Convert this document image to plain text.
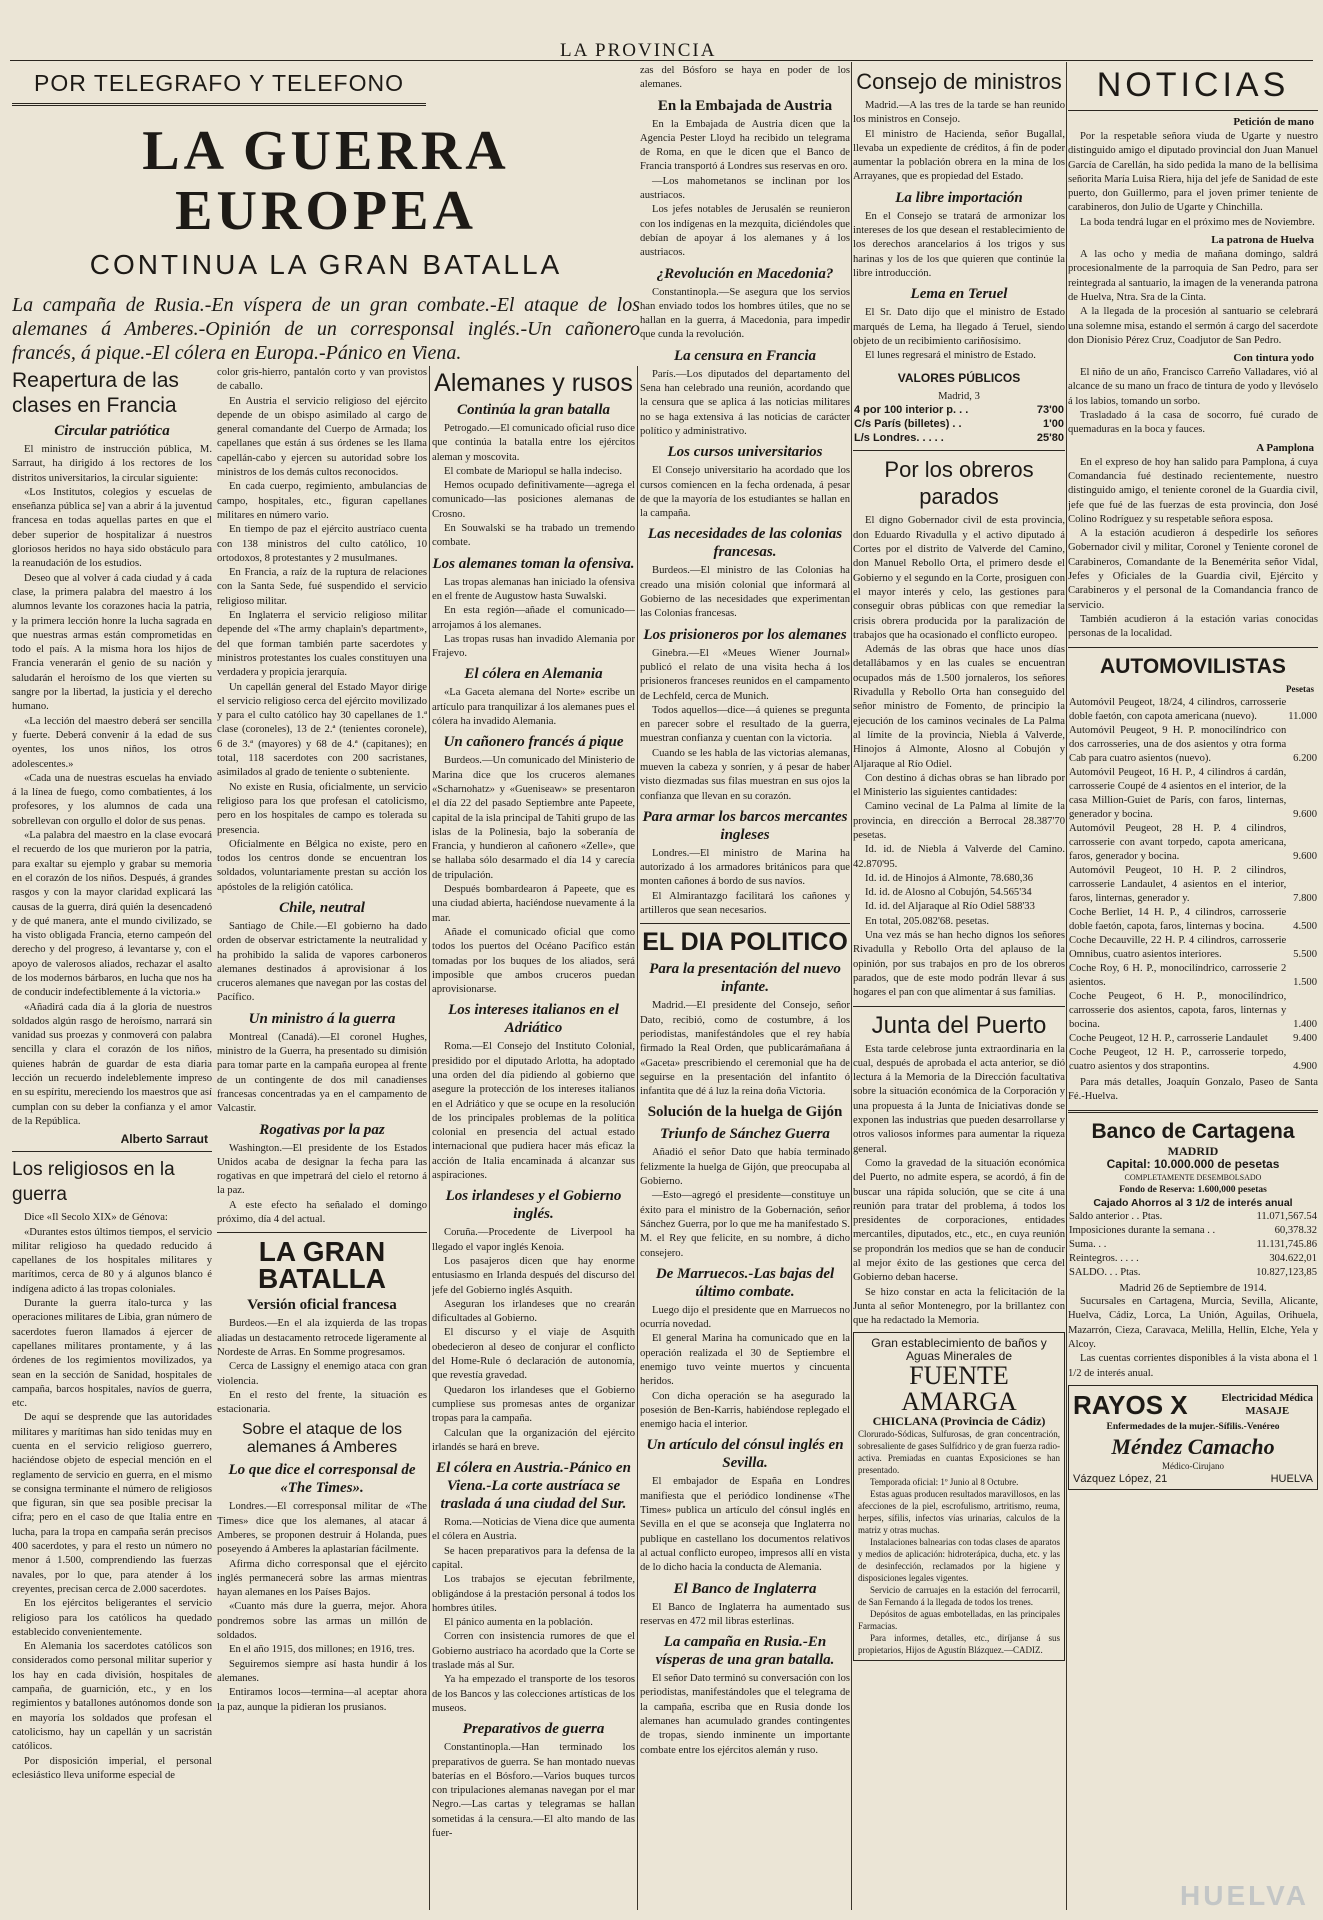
LA PROVINCIA
POR TELEGRAFO Y TELEFONO
LA GUERRA EUROPEA
CONTINUA LA GRAN BATALLA
La campaña de Rusia.-En víspera de un gran combate.-El ataque de los alemanes á Amberes.-Opinión de un corresponsal inglés.-Un cañonero francés, á pique.-El cólera en Europa.-Pánico en Viena.
Reapertura de las clases en Francia
Circular patriótica

El ministro de instrucción pública, M. Sarraut, ha dirigido á los rectores de los distritos universitarios, la circular siguiente:

«Los Institutos, colegios y escuelas de enseñanza pública se] van a abrir á la juventud francesa en todas aquellas partes en que el deber superior de hospitalizar á nuestros gloriosos heridos no haya sido obstáculo para la reanudación de los estudios.

Deseo que al volver á cada ciudad y á cada clase, la primera palabra del maestro á los alumnos levante los corazones hacia la patria, y la primera lección honre la lucha sagrada en que nuestras armas están comprometidas en todo el país. A la misma hora los hijos de Francia venerarán el genio de su nación y saludarán el heroísmo de los que vierten su sangre por la libertad, la justicia y el derecho humano.

«La lección del maestro deberá ser sencilla y fuerte. Deberá convenir á la edad de sus oyentes, los unos niños, los otros adolescentes.»

«Cada una de nuestras escuelas ha enviado á la línea de fuego, como combatientes, á los profesores, y los alumnos de cada una sobrellevan con orgullo el dolor de sus penas.

«La palabra del maestro en la clase evocará el recuerdo de los que murieron por la patria, para exaltar su ejemplo y grabar su memoria en el corazón de los niños. Después, á grandes rasgos y con la mayor claridad explicará las causas de la guerra, dirá quién la desencadenó y de qué manera, ante el mundo civilizado, se ha visto obligada Francia, eterno campeón del derecho y del progreso, á levantarse y, con el apoyo de valerosos aliados, rechazar el asalto de los modernos bárbaros, en lucha que nos ha de conducir indefectiblemente á la victoria.»

«Añadirá cada día á la gloria de nuestros soldados algún rasgo de heroísmo, narrará sin vanidad sus proezas y conmoverá con palabra sencilla y clara el corazón de los niños, quienes habrán de guardar de esta diaria lección un recuerdo indeleblemente impreso en su espíritu, mereciendo los maestros que así cumplan con su deber la confianza y el amor de la República.

Alberto Sarraut
Los religiosos en la guerra

Dice «Il Secolo XIX» de Génova:

«Durantes estos últimos tiempos, el servicio militar religioso ha quedado reducido á capellanes de los hospitales militares y marítimos, cerca de 80 y á algunos blanco é indígena adicto á las tropas coloniales.

Durante la guerra ítalo-turca y las operaciones militares de Libia, gran número de sacerdotes fueron llamados á ejercer de capellanes militares prontamente, y á las órdenes de los regimientos movilizados, ya sean en la sección de Sanidad, hospitales de campaña, barcos hospitales, navíos de guerra, etc.

De aquí se desprende que las autoridades militares y marítimas han sido tenidas muy en cuenta en el servicio religioso guerrero, haciéndose objeto de especial mención en el reglamento de servicio en guerra, en el mismo se consigna terminante el número de religiosos que figuran, sin que sea posible precisar la cifra; pero en el caso de que Italia entre en lucha, para la tropa en campaña serán precisos 400 sacerdotes, y para el resto un número no menor á 1.500, comprendiendo las fuerzas navales, por lo que, para atender á los creyentes, precisan cerca de 2.000 sacerdotes.

En los ejércitos beligerantes el servicio religioso para los católicos ha quedado establecido convenientemente.

En Alemania los sacerdotes católicos son considerados como personal militar superior y los hay en cada división, hospitales de campaña, de guarnición, etc., y en los regimientos y batallones autónomos donde son en mayoría los soldados que profesan el catolicismo, hay un capellán y un sacristán católicos.

Por disposición imperial, el personal eclesiástico lleva uniforme especial de

color gris-hierro, pantalón corto y van provistos de caballo.

En Austria el servicio religioso del ejército depende de un obispo asimilado al cargo de general comandante del Cuerpo de Armada; los capellanes que están á sus órdenes se les llama capellán-cabo y ejercen su autoridad sobre los ministros de los demás cultos reconocidos.

En cada cuerpo, regimiento, ambulancias de campo, hospitales, etc., figuran capellanes militares en número vario.

En tiempo de paz el ejército austríaco cuenta con 138 ministros del culto católico, 10 ortodoxos, 8 protestantes y 2 musulmanes.

En Francia, a raíz de la ruptura de relaciones con la Santa Sede, fué suspendido el servicio religioso militar.

En Inglaterra el servicio religioso militar depende del «The army chaplain's department», del que forman también parte sacerdotes y ministros protestantes los cuales constituyen una verdadera y propicia jerarquía.

Un capellán general del Estado Mayor dirige el servicio religioso cerca del ejército movilizado y para el culto católico hay 30 capellanes de 1.ª clase (coroneles), 13 de 2.ª (tenientes coronele), 6 de 3.ª (mayores) y 68 de 4.ª (capitanes); en total, 118 sacerdotes con 200 sacristanes, asimilados al grado de teniente o subteniente.

No existe en Rusia, oficialmente, un servicio religioso para los que profesan el catolicismo, pero en los hospitales de campo es tolerada su presencia.

Oficialmente en Bélgica no existe, pero en todos los centros donde se encuentran los soldados, voluntariamente prestan su acción los apóstoles de la religión católica.

Chile, neutral

Santiago de Chile.—El gobierno ha dado orden de observar estrictamente la neutralidad y ha prohibido la salida de vapores carboneros alemanes destinados á aprovisionar á los cruceros alemanes que navegan por las costas del Pacífico.

Un ministro á la guerra

Montreal (Canadá).—El coronel Hughes, ministro de la Guerra, ha presentado su dimisión para tomar parte en la campaña europea al frente de un contingente de dos mil canadienses francesas concentradas ya en el campamento de Valcastir.

Rogativas por la paz

Washington.—El presidente de los Estados Unidos acaba de designar la fecha para las rogativas en que impetrará del cielo el retorno á la paz.

A este efecto ha señalado el domingo próximo, día 4 del actual.

LA GRAN BATALLA
Versión oficial francesa

Burdeos.—En el ala izquierda de las tropas aliadas un destacamento retrocede ligeramente al Nordeste de Arras. En Somme progresamos.

Cerca de Lassigny el enemigo ataca con gran violencia.

En el resto del frente, la situación es estacionaria.

Sobre el ataque de los alemanes á Amberes
Lo que dice el corresponsal de «The Times».

Londres.—El corresponsal militar de «The Times» dice que los alemanes, al atacar á Amberes, se proponen destruir á Holanda, pues poseyendo á Amberes la aplastarían fácilmente.

Afirma dicho corresponsal que el ejército inglés permanecerá sobre las armas mientras hayan alemanes en los Países Bajos.

«Cuanto más dure la guerra, mejor. Ahora pondremos sobre las armas un millón de soldados.

En el año 1915, dos millones; en 1916, tres.

Seguiremos siempre así hasta hundir á los alemanes.

Entiramos locos—termina—al aceptar ahora la paz, aunque la pidieran los prusianos.

Alemanes y rusos
Continúa la gran batalla

Petrogado.—El comunicado oficial ruso dice que continúa la batalla entre los ejércitos aleman y moscovita.

El combate de Mariopul se halla indeciso.

Hemos ocupado definitivamente—agrega el comunicado—las posiciones alemanas de Crosno.

En Souwalski se ha trabado un tremendo combate.

Los alemanes toman la ofensiva.

Las tropas alemanas han iniciado la ofensiva en el frente de Augustow hasta Suwalski.

En esta región—añade el comunicado—arrojamos á los alemanes.

Las tropas rusas han invadido Alemania por Frajevo.

El cólera en Alemania

«La Gaceta alemana del Norte» escribe un artículo para tranquilizar á los alemanes pues el cólera ha invadido Alemania.

Un cañonero francés á pique

Burdeos.—Un comunicado del Ministerio de Marina dice que los cruceros alemanes «Scharnohatz» y «Gueniseaw» se presentaron el día 22 del pasado Septiembre ante Papeete, capital de la isla principal de Tahiti grupo de las islas de la Polinesia, bajo la soberanía de Francia, y hundieron al cañonero «Zelle», que se hallaba sólo desarmado el día 14 y carecía de tripulación.

Después bombardearon á Papeete, que es una ciudad abierta, haciéndose nuevamente á la mar.

Añade el comunicado oficial que como todos los puertos del Océano Pacífico están tomadas por los buques de los aliados, será imposible que ambos cruceros puedan aprovisionarse.

Los intereses italianos en el Adriático

Roma.—El Consejo del Instituto Colonial, presidido por el diputado Arlotta, ha adoptado una orden del día pidiendo al gobierno que asegure la protección de los intereses italianos en el Adriático y que se ocupe en la resolución de los principales problemas de la política colonial en presencia del actual estado internacional que pudiera hacer más eficaz la acción de Italia encaminada á alcanzar sus aspiraciones.

Los irlandeses y el Gobierno inglés.

Coruña.—Procedente de Liverpool ha llegado el vapor inglés Kenoia.

Los pasajeros dicen que hay enorme entusiasmo en Irlanda después del discurso del jefe del Gobierno inglés Asquith.

Aseguran los irlandeses que no crearán dificultades al Gobierno.

El discurso y el viaje de Asquith obedecieron al deseo de conjurar el conflicto del Home-Rule ó declaración de autonomía, que revestía gravedad.

Quedaron los irlandeses que el Gobierno cumpliese sus promesas antes de organizar tropas para la campaña.

Calculan que la organización del ejército irlandés se hará en breve.

El cólera en Austria.-Pánico en Viena.-La corte austríaca se traslada á una ciudad del Sur.

Roma.—Noticias de Viena dice que aumenta el cólera en Austria.

Se hacen preparativos para la defensa de la capital.

Los trabajos se ejecutan febrilmente, obligándose á la prestación personal á todos los hombres útiles.

El pánico aumenta en la población.

Corren con insistencia rumores de que el Gobierno austriaco ha acordado que la Corte se traslade más al Sur.

Ya ha empezado el transporte de los tesoros de los Bancos y las colecciones artísticas de los museos.

Preparativos de guerra

Constantinopla.—Han terminado los preparativos de guerra. Se han montado nuevas baterías en el Bósforo.—Varios buques turcos con tripulaciones alemanas navegan por el mar Negro.—Las cartas y telegramas se hallan sometidas á la censura.—El alto mando de las fuer-

zas del Bósforo se haya en poder de los alemanes.

En la Embajada de Austria

En la Embajada de Austria dicen que la Agencia Pester Lloyd ha recibido un telegrama de Roma, en que le dicen que el Banco de Francia transportó á Londres sus reservas en oro.

—Los mahometanos se inclinan por los austriacos.

Los jefes notables de Jerusalén se reunieron con los indígenas en la mezquita, diciéndoles que debían de apoyar á los alemanes y á los austriacos.

¿Revolución en Macedonia?

Constantinopla.—Se asegura que los servios han enviado todos los hombres útiles, que no se hallan en la guerra, á Macedonia, para impedir que cunda la revolución.

La censura en Francia

París.—Los diputados del departamento del Sena han celebrado una reunión, acordando que la censura que se aplica á las noticias militares no se haga extensiva á las noticias de carácter político y administrativo.

Los cursos universitarios

El Consejo universitario ha acordado que los cursos comiencen en la fecha ordenada, á pesar de que la mayoría de los estudiantes se hallan en la campaña.

Las necesidades de las colonias francesas.

Burdeos.—El ministro de las Colonias ha creado una misión colonial que informará al Gobierno de las necesidades que experimentan las Colonias francesas.

Los prisioneros por los alemanes

Ginebra.—El «Meues Wiener Journal» publicó el relato de una visita hecha á los prisioneros franceses reunidos en el campamento de Lechfeld, cerca de Munich.

Todos aquellos—dice—á quienes se pregunta en parecer sobre el resultado de la guerra, muestran confianza y cuentan con la victoria.

Cuando se les habla de las victorias alemanas, mueven la cabeza y sonríen, y á pesar de haber visto diezmadas sus filas muestran en sus ojos la confianza que llevan en su corazón.

Para armar los barcos mercantes ingleses

Londres.—El ministro de Marina ha autorizado á los armadores británicos para que monten cañones á bordo de sus navíos.

El Almirantazgo facilitará los cañones y artilleros que sean necesarios.

EL DIA POLITICO
Para la presentación del nuevo infante.

Madrid.—El presidente del Consejo, señor Dato, recibió, como de costumbre, á los periodistas, manifestándoles que el rey había firmado la Real Orden, que publicarámañana á «Gaceta» prescribiendo el ceremonial que ha de seguirse en la presentación del infantito ó infantita que dé á luz la reina doña Victoria.

Solución de la huelga de Gijón
Triunfo de Sánchez Guerra

Añadió el señor Dato que había terminado felizmente la huelga de Gijón, que preocupaba al Gobierno.

—Esto—agregó el presidente—constituye un éxito para el ministro de la Gobernación, señor Sánchez Guerra, por lo que me ha manifestado S. M. el Rey que felicite, en su nombre, á dicho consejero.

De Marruecos.-Las bajas del último combate.

Luego dijo el presidente que en Marruecos no ocurría novedad.

El general Marina ha comunicado que en la operación realizada el 30 de Septiembre el enemigo tuvo veinte muertos y cincuenta heridos.

Con dicha operación se ha asegurado la posesión de Ben-Karris, habiéndose replegado el enemigo hacia el interior.

Un artículo del cónsul inglés en Sevilla.

El embajador de España en Londres manifiesta que el periódico londinense «The Times» publica un artículo del cónsul inglés en Sevilla en el que se aconseja que Inglaterra no publique en castellano los documentos relativos al actual conflicto europeo, impresos allí en vista de lo dicho hacia la conducta de Alemania.

El Banco de Inglaterra

El Banco de Inglaterra ha aumentado sus reservas en 472 mil libras esterlinas.

La campaña en Rusia.-En vísperas de una gran batalla.

El señor Dato terminó su conversación con los periodistas, manifestándoles que el telegrama de la campaña, escriba que en Rusia donde los alemanes han acumulado grandes contingentes de tropas, siendo inminente un importante combate entre los ejércitos alemán y ruso.

Consejo de ministros

Madrid.—A las tres de la tarde se han reunido los ministros en Consejo.

El ministro de Hacienda, señor Bugallal, llevaba un expediente de créditos, á fin de poder aumentar la población obrera en la mina de los Arrayanes, que es propiedad del Estado.

La libre importación

En el Consejo se tratará de armonizar los intereses de los que desean el restablecimiento de los derechos arancelarios á los trigos y sus harinas y los de los que quieren que continúe la libre introducción.

Lema en Teruel

El Sr. Dato dijo que el ministro de Estado marqués de Lema, ha llegado á Teruel, siendo objeto de un recibimiento cariñosísimo.

El lunes regresará el ministro de Estado.

VALORES PÚBLICOS
Madrid, 3
4 por 100 interior p. . .	73'00
C/s París (billetes) . .	1'00
L/s Londres. . . . .	25'80
Por los obreros parados

El digno Gobernador civil de esta provincia, don Eduardo Rivadulla y el activo diputado á Cortes por el distrito de Valverde del Camino, don Manuel Rebollo Orta, el primero desde el Gobierno y el segundo en la Corte, prosiguen con el mayor interés y celo, las gestiones para conseguir obras públicas con que remediar la crisis obrera producida por la paralización de trabajos que ha ocasionado el conflicto europeo.

Además de las obras que hace unos días detallábamos y en las cuales se encuentran ocupados más de 1.500 jornaleros, los señores Rivadulla y Rebollo Orta han conseguido del señor ministro de Fomento, de principio la ejecución de los caminos vecinales de La Palma al límite de la provincia, Niebla á Valverde, Hinojos á Almonte, Alosno al Cobujón y Aljaraque al Río Odiel.

Con destino á dichas obras se han librado por el Ministerio las siguientes cantidades:

Camino vecinal de La Palma al límite de la provincia, en dirección a Berrocal 28.387'70 pesetas.

Id. id. de Niebla á Valverde del Camino. 42.870'95.

Id. id. de Hinojos á Almonte, 78.680,36

Id. id. de Alosno al Cobujón, 54.565'34

Id. id. del Aljaraque al Río Odiel 588'33

En total, 205.082'68. pesetas.

Una vez más se han hecho dignos los señores Rivadulla y Rebollo Orta del aplauso de la opinión, por sus trabajos en pro de los obreros parados, que de este modo podrán llevar á sus hogares el pan con que alimentar á sus familias.

Junta del Puerto

Esta tarde celebrose junta extraordinaria en la cual, después de aprobada el acta anterior, se dió lectura á la Memoria de la Dirección facultativa sobre la situación económica de la Corporación y una propuesta á la Junta de Iniciativas donde se exponen las industrias que pueden desarrollarse y otros valiosos informes para aumentar la riqueza general.

Como la gravedad de la situación económica del Puerto, no admite espera, se acordó, á fin de buscar una rápida solución, que se cite á una reunión para tratar del problema, á todos los presidentes de corporaciones, entidades mercantiles, diputados, etc., etc., en cuya reunión se propondrán los medios que se han de conducir al mejor éxito de las gestiones que cerca del Gobierno deban hacerse.

Se hizo constar en acta la felicitación de la Junta al señor Montenegro, por la brillantez con que ha redactado la Memoria.

Gran establecimiento de baños y Aguas Minerales de
FUENTE AMARGA
CHICLANA (Provincia de Cádiz)

Clorurado-Sódicas, Sulfurosas, de gran concentración, sobresaliente de gases Sulfídrico y de gran fuerza radio-activa. Premiadas en cuantas Exposiciones se han presentado.

Temporada oficial: 1º Junio al 8 Octubre.

Estas aguas producen resultados maravillosos, en las afecciones de la piel, escrofulismo, artritismo, reuma, herpes, sífilis, infectos vías urinarias, calculos de la matriz y otras muchas.

Instalaciones balnearias con todas clases de aparatos y medios de aplicación: hidroterápica, ducha, etc. y las de desinfección, reclamados por la higiene y disposiciones legales vigentes.

Servicio de carruajes en la estación del ferrocarril, de San Fernando á la llegada de todos los trenes.

Depósitos de aguas embotelladas, en las principales Farmacias.

Para informes, detalles, etc., diríjanse á sus propietarios, Hijos de Agustín Blázquez.—CADIZ.

NOTICIAS
Petición de mano

Por la respetable señora viuda de Ugarte y nuestro distinguido amigo el diputado provincial don Juan Manuel García de Carellán, ha sido pedida la mano de la bellísima señorita María Luisa Riera, hija del jefe de Sanidad de este puerto, don Guillermo, para el joven primer teniente de carabineros, don Julio de Ugarte y Chinchilla.

La boda tendrá lugar en el próximo mes de Noviembre.

La patrona de Huelva

A las ocho y media de mañana domingo, saldrá procesionalmente de la parroquia de San Pedro, para ser reintegrada al santuario, la imagen de la veneranda patrona de Huelva, Ntra. Sra de la Cinta.

A la llegada de la procesión al santuario se celebrará una solemne misa, estando el sermón á cargo del sacerdote don Dionisio Pérez Cruz, Coadjutor de San Pedro.

Con tintura yodo

El niño de un año, Francisco Carreño Valladares, vió al alcance de su mano un fraco de tintura de yodo y llevóselo á los labios, tomando un sorbo.

Trasladado á la casa de socorro, fué curado de quemaduras en la boca y fauces.

A Pamplona

En el expreso de hoy han salido para Pamplona, á cuya Comandancia fué destinado recientemente, nuestro distinguido amigo, el teniente coronel de la Guardia civil, jefe que fué de las fuerzas de esta provincia, don José Colino Rodríguez y su respetable señora esposa.

A la estación acudieron á despedirle los señores Gobernador civil y militar, Coronel y Teniente coronel de Carabineros, Comandante de la Benemérita señor Vidal, Jefes y Oficiales de la Guardia civil, Ejército y Carabineros y el personal de la Comandancia franco de servicio.

También acudieron á la estación varias conocidas personas de la localidad.

AUTOMOVILISTAS
Pesetas
Automóvil Peugeot, 18/24, 4 cilindros, carrosserie doble faetón, con capota americana (nuevo).	11.000
Automóvil Peugeot, 9 H. P. monocilíndrico con dos carrosseries, una de dos asientos y otra forma Cab para cuatro asientos (nuevo).	6.200
Automóvil Peugeot, 16 H. P., 4 cilindros á cardán, carrosserie Coupé de 4 asientos en el interior, de la casa Million-Guiet de París, con faros, linternas, generador y bocina.	9.600
Automóvil Peugeot, 28 H. P. 4 cilindros, carrosserie con avant torpedo, capota americana, faros, generador y bocina.	9.600
Automóvil Peugeot, 10 H. P. 2 cilindros, carrosserie Landaulet, 4 asientos en el interior, faros, linternas, generador y.	7.800
Coche Berliet, 14 H. P., 4 cilindros, carrosserie doble faetón, capota, faros, linternas y bocina.	4.500
Coche Decauville, 22 H. P. 4 cilindros, carrosserie Omnibus, cuatro asientos interiores.	5.500
Coche Roy, 6 H. P., monocilíndrico, carrosserie 2 asientos.	1.500
Coche Peugeot, 6 H. P., monocilíndrico, carrosserie dos asientos, capota, faros, linternas y bocina.	1.400
Coche Peugeot, 12 H. P., carrosserie Landaulet	9.400
Coche Peugeot, 12 H. P., carrosserie torpedo, cuatro asientos y dos strapontins.	4.900

Para más detalles, Joaquín Gonzalo, Paseo de Santa Fé.-Huelva.

Banco de Cartagena
MADRID
Capital: 10.000.000 de pesetas
COMPLETAMENTE DESEMBOLSADO
Fondo de Reserva: 1.600,000 pesetas
Cajado Ahorros al 3 1/2 de interés anual
Saldo anterior . . Ptas.	11.071,567.54
Imposiciones durante la semana . .	60,378.32
Suma. . .	11.131,745.86
Reintegros. . . . .	304.622,01
SALDO. . . Ptas.	10.827,123,85
Madrid 26 de Septiembre de 1914.

Sucursales en Cartagena, Murcia, Sevilla, Alicante, Huelva, Cádiz, Lorca, La Unión, Aguilas, Orihuela, Mazarrón, Cieza, Caravaca, Melilla, Hellín, Elche, Yela y Alcoy.

Las cuentas corrientes disponibles á la vista abona el 1 1/2 de interés anual.

RAYOS X	Electricidad Médica
MASAJE
Enfermedades de la mujer.-Sífilis.-Venéreo
Méndez Camacho
Médico-Cirujano
Vázquez López, 21	HUELVA
HUELVA
